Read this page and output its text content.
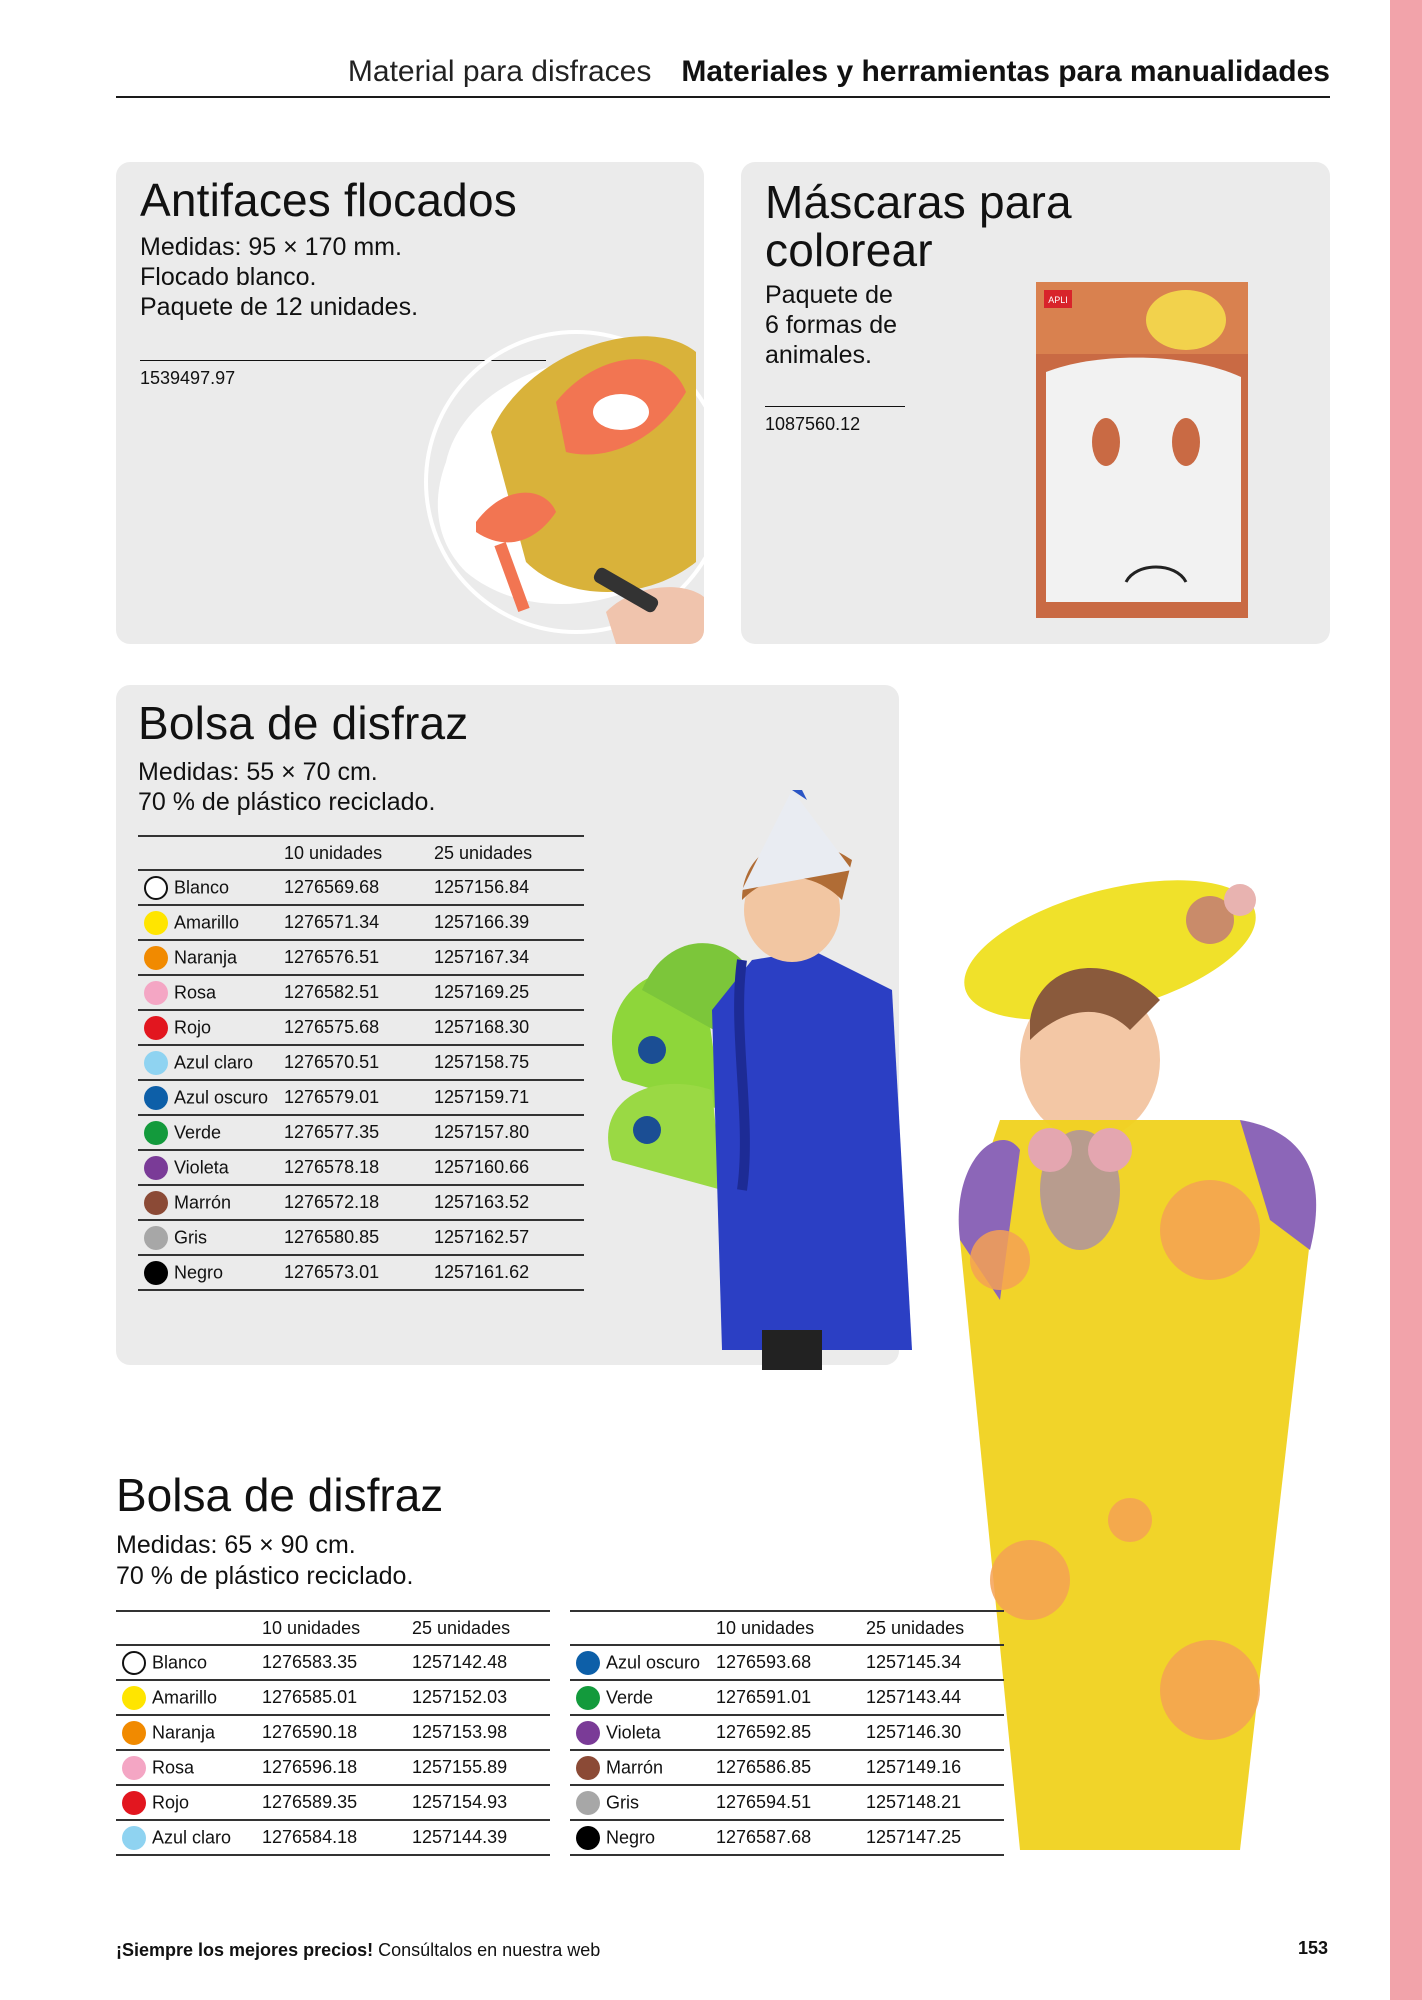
Material para disfraces Materiales y herramientas para manualidades
Antifaces flocados

Medidas: 95 × 170 mm.

Flocado blanco.

Paquete de 12 unidades.

1539497.97
Máscaras para
colorear

Paquete de

6 formas de

animales.

1087560.12
APLI
Bolsa de disfraz

Medidas: 55 × 70 cm.

70 % de plástico reciclado.

	10 unidades	25 unidades
Blanco	1276569.68	1257156.84
Amarillo	1276571.34	1257166.39
Naranja	1276576.51	1257167.34
Rosa	1276582.51	1257169.25
Rojo	1276575.68	1257168.30
Azul claro	1276570.51	1257158.75
Azul oscuro	1276579.01	1257159.71
Verde	1276577.35	1257157.80
Violeta	1276578.18	1257160.66
Marrón	1276572.18	1257163.52
Gris	1276580.85	1257162.57
Negro	1276573.01	1257161.62
Bolsa de disfraz

Medidas: 65 × 90 cm.

70 % de plástico reciclado.

	10 unidades	25 unidades
Blanco	1276583.35	1257142.48
Amarillo	1276585.01	1257152.03
Naranja	1276590.18	1257153.98
Rosa	1276596.18	1257155.89
Rojo	1276589.35	1257154.93
Azul claro	1276584.18	1257144.39
	10 unidades	25 unidades
Azul oscuro	1276593.68	1257145.34
Verde	1276591.01	1257143.44
Violeta	1276592.85	1257146.30
Marrón	1276586.85	1257149.16
Gris	1276594.51	1257148.21
Negro	1276587.68	1257147.25
¡Siempre los mejores precios! Consúltalos en nuestra web	153
